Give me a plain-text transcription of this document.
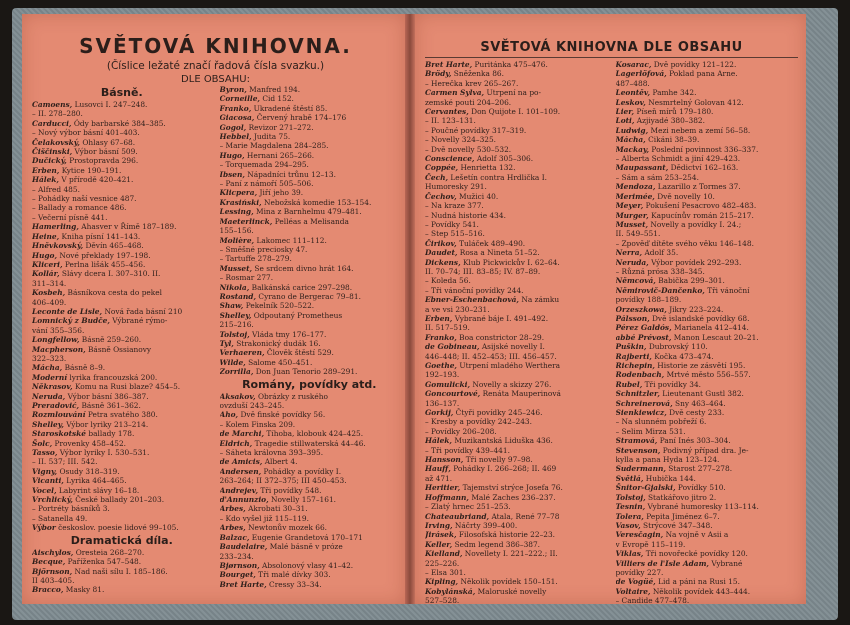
SVĚTOVÁ KNIHOVNA.

(Číslice ležaté značí řadová čísla svazku.)

DLE OBSAHU:

Básně.
Camoens, Lusovci I. 247–248.
– II. 278–280.
Carducci, Ódy barbarské 384–385.
– Nový výbor básní 401–403.
Čelakovský, Ohlasy 67–68.
Čiščinski, Výbor básní 509.
Dučický, Prostopravda 296.
Erben, Kytice 190–191.
Hálek, V přírodě 420–421.
– Alfred 485.
– Pohádky naší vesnice 487.
– Ballady a romance 486.
– Večerní písně 441.
Hamerling, Ahasver v Římě 187–189.
Heine, Kniha písní 141–143.
Hněvkovský, Děvín 465–468.
Hugo, Nové překlady 197–198.
Kliceri, Perlna lišák 455–456.
Kollár, Slávy dcera I. 307–310. II.
311–314.
Kosbeh, Básníkova cesta do pekel
406–409.
Leconte de Lisle, Nová řada básní 210
Lomnický z Budče, Výbrané rýmo-
vání 355–356.
Longfellow, Básně 259–260.
Macpherson, Básně Ossianovy
322–323.
Mácha, Básně 8–9.
Moderní lyrika francouzská 200.
Někrasov, Komu na Rusi blaze? 454–5.
Neruda, Výbor básní 386–387.
Preradović, Básně 361–362.
Rozmlouvání Petra svatého 380.
Shelley, Výbor lyriky 213–214.
Staroskotské ballady 178.
Šolc, Provenky 458–452.
Tasso, Výbor lyriky I. 530–531.
– II. 537; III. 542.
Vigny, Osudy 318–319.
Vicanti, Lyrika 464–465.
Vocel, Labyrint slávy 16–18.
Vrchlický, České ballady 201–203.
– Portréty básníků 3.
– Satanella 49.
Výbor českoslov. poesie lidové 99–105.
Dramatická díla.
Aischylos, Oresteia 268–270.
Becque, Paříženka 547–548.
Björnson, Nad naši sílu I. 185–186.
II 403–405.
Bracco, Masky 81.
Byron, Manfred 194.
Corneille, Cid 152.
Franko, Ukradené štěstí 85.
Giacosa, Červený hrabě 174–176
Gogol, Revizor 271–272.
Hebbel, Judita 75.
– Marie Magdalena 284–285.
Hugo, Hernani 265–266.
– Torquemada 294–295.
Ibsen, Nápadníci trůnu 12–13.
– Paní z námoří 505–506.
Klicpera, Jiří jeho 39.
Krasiński, Nebožská komedie 153–154.
Lessing, Mina z Barnhelmu 479–481.
Maeterlinck, Pelléas a Melisanda
155–156.
Molière, Lakomec 111–112.
– Směšné preciosky 47.
– Tartuffe 278–279.
Musset, Se srdcem divno hrát 164.
– Rosmar 277.
Nikola, Balkánská carice 297–298.
Rostand, Cyrano de Bergerac 79–81.
Shaw, Pekelník 520–522.
Shelley, Odpoutaný Prometheus
215–216.
Tolstoj, Vláda tmy 176–177.
Tyl, Strakonický dudák 16.
Verhaeren, Člověk štěstí 529.
Wilde, Salome 450–451.
Zorrilla, Don Juan Tenorio 289–291.
Romány, povídky atd.
Aksakov, Obrázky z ruského
ovzduší 243–245.
Aho, Dvě finské povídky 56.
– Kolem Finska 209.
de Marchi, Tíhoba, klobouk 424–425.
Eldrich, Tragedie stillwaterská 44–46.
– Sáheta královna 393–395.
de Amicis, Albert 4.
Andersen, Pohádky a povídky I.
263–264; II 372–375; III 450–453.
Andrejev, Tři povídky 548.
d'Annunzio, Novelly 157–161.
Arbes, Akrobati 30–31.
– Kdo vyšel již 115–119.
Arbes, Newtonův mozek 66.
Balzac, Eugenie Grandetová 170–171
Baudelaire, Malé básně v próze
233–234.
Bjørnson, Absolonový vlasy 41–42.
Bourget, Tři malé dívky 303.
Bret Harte, Cressy 33–34.

SVĚTOVÁ KNIHOVNA DLE OBSAHU

Bret Harte, Puritánka 475–476.
Brödy, Sněženka 86.
– Herečka krev 265–267.
Carmen Sylva, Utrpení na po-
zemské pouti 204–206.
Cervantes, Don Quijote I. 101–109.
– II. 123–131.
– Poučné povídky 317–319.
– Novelly 324–325.
– Dvě novelly 530–532.
Conscience, Adolf 305–306.
Coppée, Henrietta 132.
Čech, Lešetín contra Hrdlička I.
Humoresky 291.
Čechov, Mužici 40.
– Na kraze 377.
– Nudná historie 434.
– Povídky 541.
– Step 515–516.
Čirikov, Tuláček 489–490.
Daudet, Rosa a Nineta 51–52.
Dickens, Klub Pickwickův I. 62–64.
II. 70–74; III. 83–85; IV. 87–89.
– Koleda 56.
– Tři vánoční povídky 244.
Ebner-Eschenbachová, Na zámku
a ve vsi 230–231.
Erben, Vybrané báje I. 491–492.
II. 517–519.
Franko, Boa constrictor 28–29.
de Gobineau, Asijské novelly I.
446–448; II. 452–453; III. 456–457.
Goethe, Utrpení mladého Werthera
192–193.
Gomulicki, Novelly a skizzy 276.
Goncourtové, Renáta Mauperinová
136–137.
Gorkij, Čtyři povídky 245–246.
– Kresby a povídky 242–243.
– Povídky 206–208.
Hálek, Muzikantská Liduška 436.
– Tři povídky 439–441.
Hansson, Tři novelly 97–98.
Hauff, Pohádky I. 266–268; II. 469
až 471.
Heritier, Tajemství strýce Josefa 76.
Hoffmann, Malé Zaches 236–237.
– Zlatý hrnec 251–253.
Chateaubriand, Atala, René 77–78
Irving, Náčrty 399–400.
Jirásek, Filosofská historie 22–23.
Keller, Sedm legend 386–387.
Kielland, Novellety I. 221–222.; II.
225–226.
– Elsa 301.
Kipling, Několik povídek 150–151.
Kobylánská, Malorusk​é novelly
527–528.
Kosarac, Dvě povídky 121–122.
Lagerlöfová, Poklad pana Arne.
487–488.
Leontěv, Pamhe 342.
Leskov, Nesmrtelný Golovan 412.
Lier, Píseň mírů 179–180.
Loti, Azjiyadé 380–382.
Ludwig, Mezi nebem a zemí 56–58.
Mácha, Cikáni 38–39.
Mackay, Poslední povinnost 336–337.
– Alberta Schmidt a jiní 429–423.
Maupassant, Dědictví 162–163.
– Sám a sám 253–254.
Mendoza, Lazarillo z Tormes 37.
Merimée, Dvě novelly 10.
Meyer, Pokušení Pesacrovo 482–483.
Murger, Kapucínův román 215–217.
Musset, Novelly a povídky I. 24.;
II. 549–551.
– Zpověď dítěte svého věku 146–148.
Nerra, Adolf 35.
Neruda, Výbor povídek 292–293.
– Různá prósa 338–345.
Němcová, Babička 299–301.
Němirovič-Dančenko, Tři vánoční
povídky 188–189.
Orzeszkowa, Jikry 223–224.
Pálsson, Dvě islandské povídky 68.
Pérez Galdós, Marianela 412–414.
abbé Prévost, Manon Lescaut 20–21.
Puškin, Dubrovský 110.
Rajberti, Kočka 473–474.
Richepin, Historie ze zásvětí 195.
Rodenbach, Mrtvé město 556–557.
Rubel, Tři povídky 34.
Schnitzler, Lieutenant Gustl 382.
Schreinerová, Sny 463–464.
Sienkiewicz, Dvě cesty 233.
– Na slunném pobřeží 6.
– Selim Mirza 531.
Stramová, Paní Inés 303–304.
Stevenson, Podivný případ dra. Je-
kylla a pana Hyda 123–124.
Sudermann, Starost 277–278.
Světlá, Hubička 144.
Šnitor-Gjalski, Povídky 510.
Tolstoj, Statkářovo jitro 2.
Tesnin, Vybrané humoresky 113–114.
Tolera, Pepita Jiménez 6–7.
Vasov, Strýcové 347–348.
Veresčagin, Na vojně v Asii a
v Evropě 115–119.
Viklas, Tři novořecké povídky 120.
Villiers de l'Isle Adam, Vybrané
povídky 227.
de Vogüé, Lid a páni na Rusi 15.
Voltaire, Několik povídek 443–444.
– Candide 477–478.
